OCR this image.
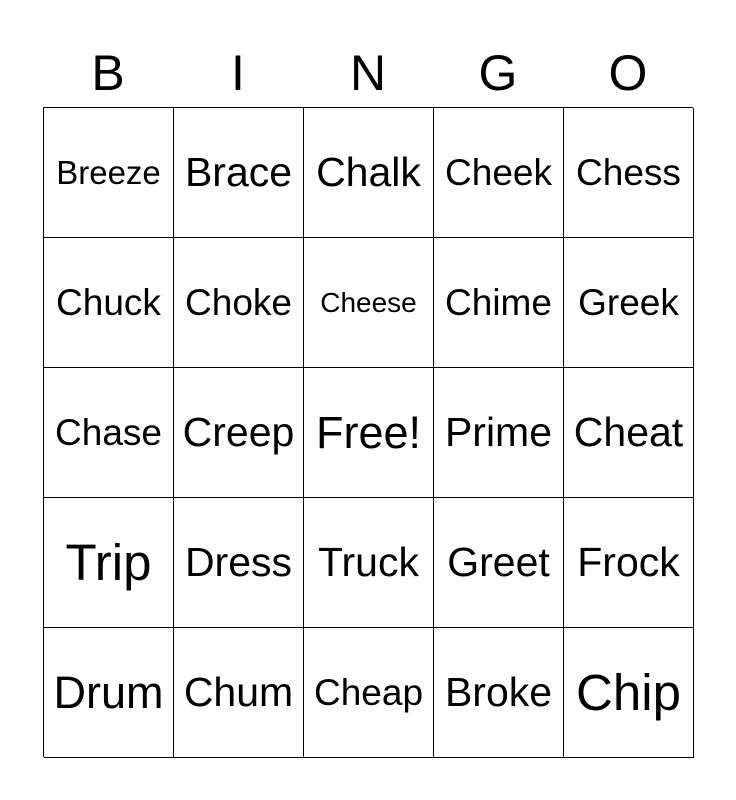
B	I	N	G	O
Breeze Brace Chalk Cheek Chess
Chuck Choke	Cheese Chime Greek
Chase Creep Free! Prime Cheat
Trip Dress Truck Greet Frock
Drum Chum Cheap Broke Chip
